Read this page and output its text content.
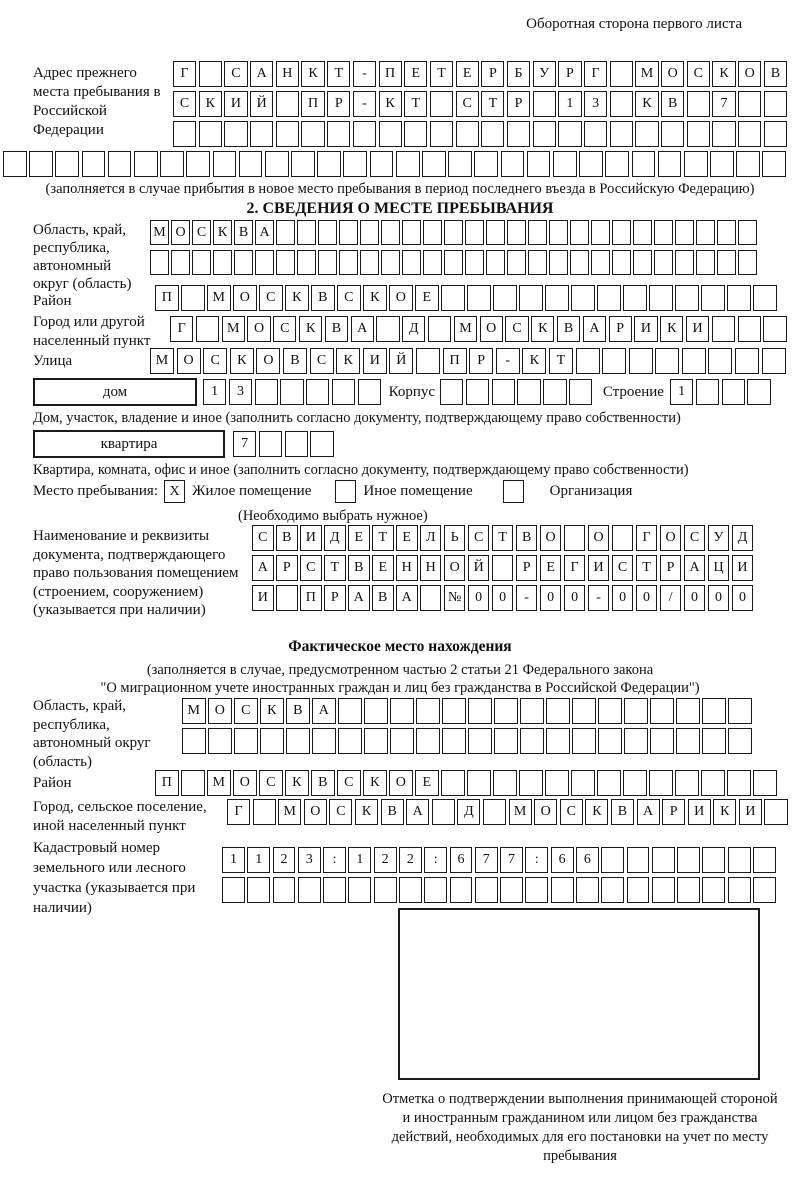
Оборотная сторона первого листа
Адрес прежнего места пребывания в Российской Федерации
Г	С	А	Н	К	Т	-	П	Е	Т	Е	Р	Б	У	Р	Г	М	О	С	К	О	В
С	К	И	Й	П	Р	-	К	Т	С	Т	Р	1	3	К	В	7
(заполняется в случае прибытия в новое место пребывания в период последнего въезда в Российскую Федерацию)
2. СВЕДЕНИЯ О МЕСТЕ ПРЕБЫВАНИЯ
Область, край, республика, автономный округ (область)
М О С К В А
Район	П	М	О	С	К	В	С	К	О	Е
Город или другой населенный пункт
Г	М	О	С	К	В	А	Д	М	О	С	К	В	А	Р	И	К	И
Улица	М	О	С	К	О	В	С	К	И	Й	П	Р	-	К	Т
дом	1	3	Корпус	Строение	1
Дом, участок, владение и иное (заполнить согласно документу, подтверждающему право собственности)
квартира	7
Квартира, комната, офис и иное (заполнить согласно документу, подтверждающему право собственности)
Место пребывания: X Жилое помещение	Иное помещение	Организация
(Необходимо выбрать нужное)
Наименование и реквизиты документа, подтверждающего право пользования помещением (строением, сооружением) (указывается при наличии)
С	В	И	Д	Е	Т	Е	Л	Ь	С	Т	В	О	О	Г	О	С	У	Д
А	Р	С	Т	В	Е	Н Н О Й	Р	Е	Г	И	С	Т	Р	А Ц И
И	П	Р	А	В	А	№ 0	0	-	0	0	-	0	0	/	0	0	0
Фактическое место нахождения
(заполняется в случае, предусмотренном частью 2 статьи 21 Федерального закона
"О миграционном учете иностранных граждан и лиц без гражданства в Российской Федерации")
Область, край, республика, автономный округ (область)
М	О	С	К	В	А
Район	П	М	О	С	К	В	С	К	О	Е
Город, сельское поселение, иной населенный пункт
Г	М	О	С	К	В	А	Д	М	О	С	К	В	А	Р	И	К	И
Кадастровый номер земельного или лесного участка (указывается при наличии)
1	1	2	3	:	1	2	2	:	6	7	7	:	6	6
Отметка о подтверждении выполнения принимающей стороной и иностранным гражданином или лицом без гражданства действий, необходимых для его постановки на учет по месту пребывания
